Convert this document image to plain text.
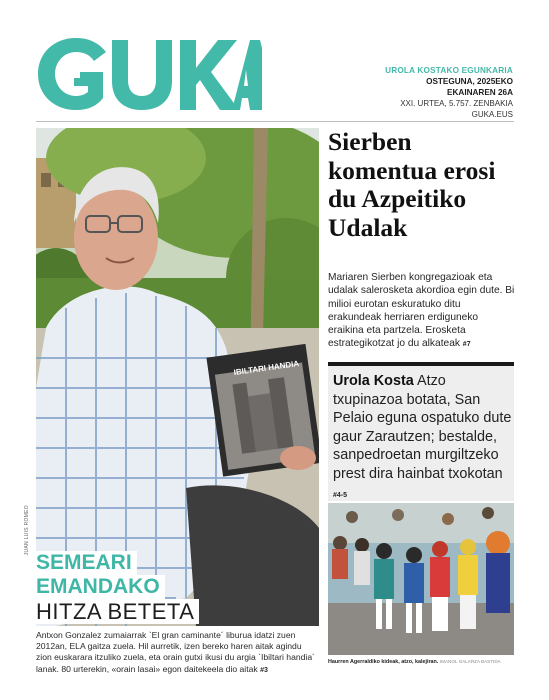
UROLA KOSTAKO EGUNKARIA
OSTEGUNA, 2025EKO
EKAINAREN 26A
XXI. URTEA, 5.757. ZENBAKIA
GUKA.EUS
IBILTARI HANDIA
JUAN LUIS ROMEO
SEMEARI
EMANDAKO
HITZA BETETA
Antxon Gonzalez zumaiarrak `El gran caminante´ liburua idatzi zuen 2012an, ELA gaitza zuela. Hil aurretik, izen bereko haren aitak agindu zion euskarara itzuliko zuela, eta orain gutxi ikusi du argia `Ibiltari handia´ lanak. 80 urterekin, «orain lasai» egon daitekeela dio aitak #3
Sierben komentua erosi du Azpeitiko Udalak
Mariaren Sierben kongregazioak eta udalak salerosketa akordioa egin dute. Bi milioi eurotan eskuratuko ditu erakundeak herriaren erdiguneko eraikina eta partzela. Erosketa estrategikotzat jo du alkateak #7
Urola Kosta Atzo txupinazoa botata, San Pelaio eguna ospatuko dute gaur Zarautzen; bestalde, sanpedroetan murgiltzeko prest dira hainbat txokotan #4-5
Haurren Agerraldiko kideak, atzo, kalejiran. IMANOL GALARZA BASTIDA
